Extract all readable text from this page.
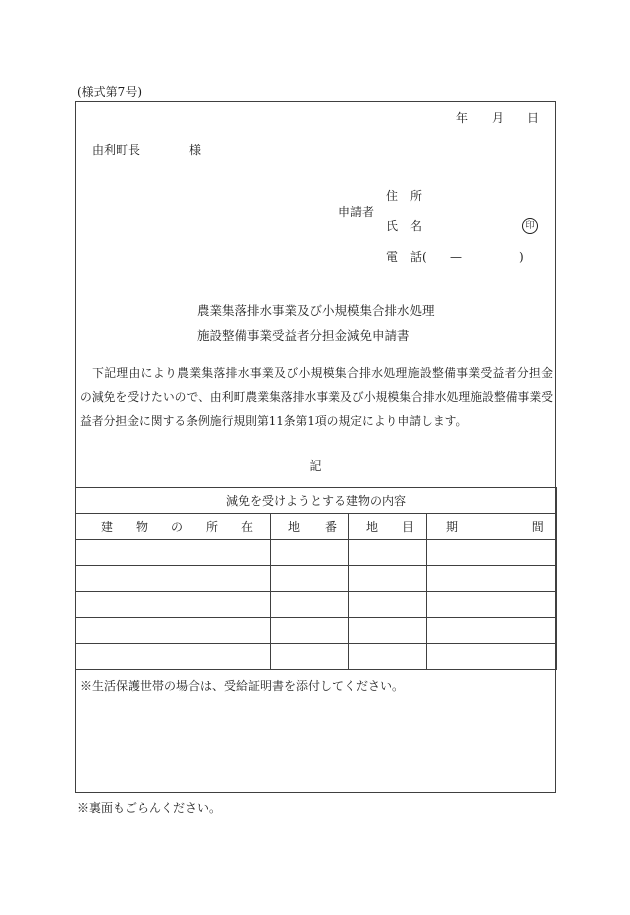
(様式第7号)
年 月 日
由利町長	様
住　所
申請者
氏　名	印
電　話( —	)
農業集落排水事業及び小規模集合排水処理
施設整備事業受益者分担金減免申請書
　下記理由により農業集落排水事業及び小規模集合排水処理施設整備事業受益者分担金
の減免を受けたいので、由利町農業集落排水事業及び小規模集合排水処理施設整備事業受
益者分担金に関する条例施行規則第11条第1項の規定により申請します。
記
減免を受けようとする建物の内容			
建　物　の　所　在	地　番	地　目	期　　　　　間

※生活保護世帯の場合は、受給証明書を添付してください。
※裏面もごらんください。
